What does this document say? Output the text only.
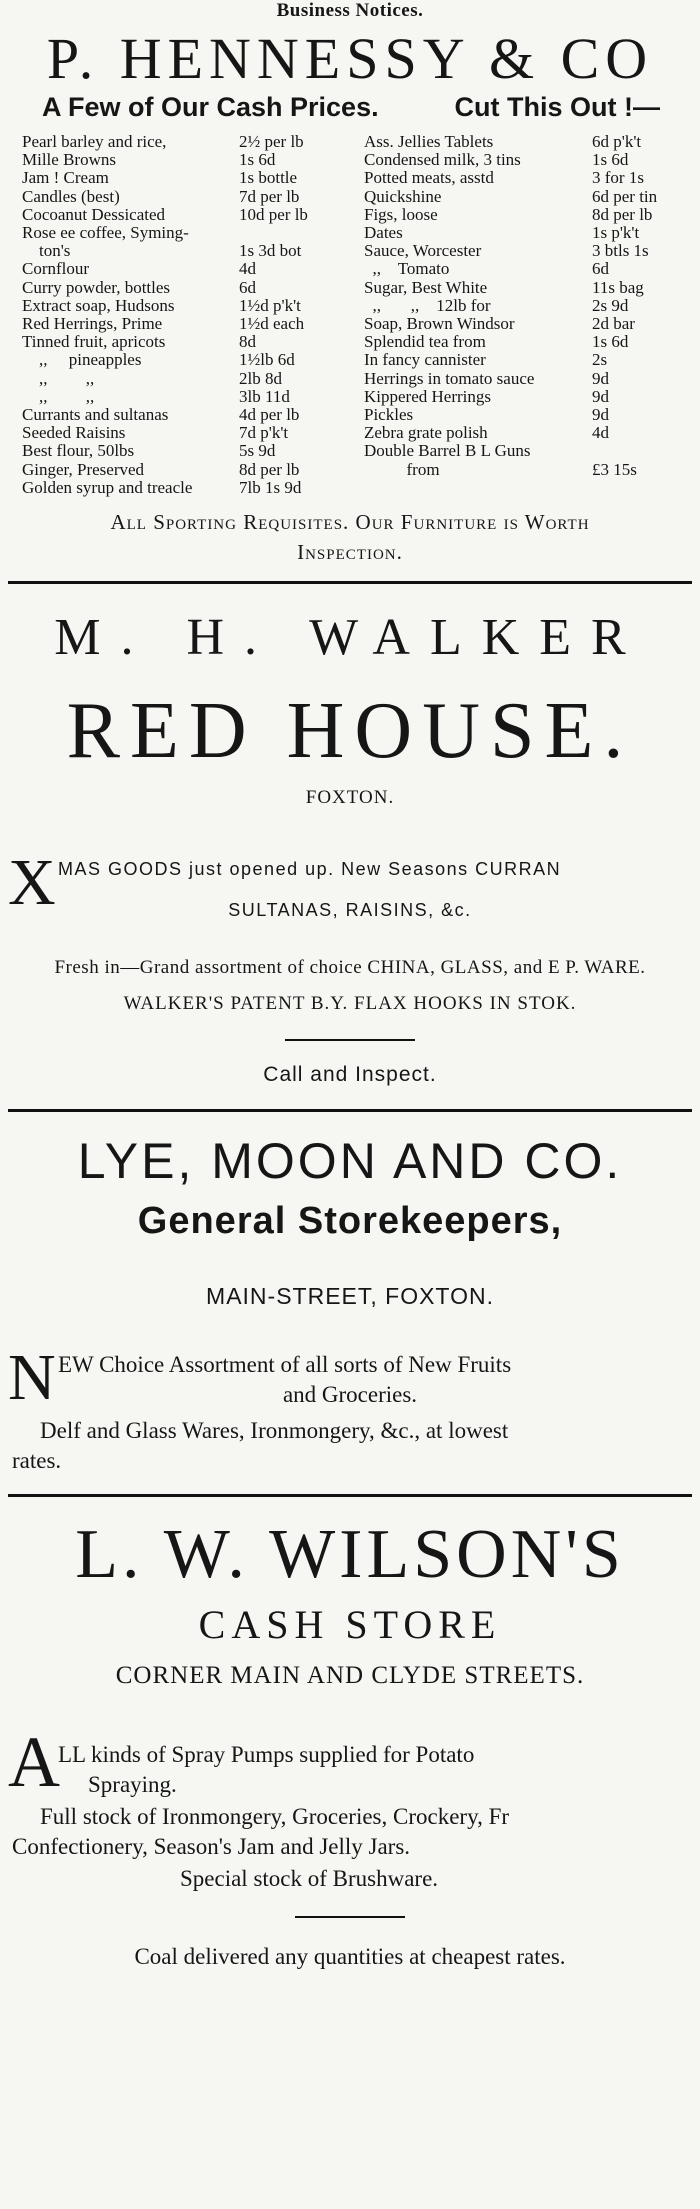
Business Notices.
P. HENNESSY & CO
A Few of Our Cash Prices.	Cut This Out !—
Pearl barley and rice,	2½ per lb
Mille Browns	1s 6d
Jam ! Cream	1s bottle
Candles (best)	7d per lb
Cocoanut Dessicated	10d per lb
Rose ee coffee, Syming-
ton's	1s 3d bot
Cornflour	4d
Curry powder, bottles	6d
Extract soap, Hudsons	1½d p'k't
Red Herrings, Prime	1½d each
Tinned fruit, apricots	8d
,,     pineapples	1½lb 6d
,,         ,,	2lb 8d
,,         ,,	3lb 11d
Currants and sultanas	4d per lb
Seeded Raisins	7d p'k't
Best flour, 50lbs	5s 9d
Ginger, Preserved	8d per lb
Golden syrup and treacle	7lb 1s 9d
Ass. Jellies Tablets	6d p'k't
Condensed milk, 3 tins	1s 6d
Potted meats, asstd	3 for 1s
Quickshine	6d per tin
Figs, loose	8d per lb
Dates	1s p'k't
Sauce, Worcester	3 btls 1s
,,    Tomato	6d
Sugar, Best White	11s bag
,,       ,,    12lb for	2s 9d
Soap, Brown Windsor	2d bar
Splendid tea from	1s 6d
In fancy cannister	2s
Herrings in tomato sauce	9d
Kippered Herrings	9d
Pickles	9d
Zebra grate polish	4d
Double Barrel B L Guns
from	£3 15s
All Sporting Requisites. Our Furniture is Worth
Inspection.
M. H. WALKER
RED HOUSE.
FOXTON.
X MAS GOODS just opened up. New Seasons CURRAN
SULTANAS, RAISINS, &c.
Fresh in—Grand assortment of choice CHINA, GLASS, and E P. WARE.
WALKER'S PATENT B.Y. FLAX HOOKS IN STOK.
Call and Inspect.
LYE, MOON AND CO.
General Storekeepers,
MAIN-STREET, FOXTON.
N EW Choice Assortment of all sorts of New Fruits
and Groceries.
Delf and Glass Wares, Ironmongery, &c., at lowest
rates.
L. W. WILSON'S
CASH STORE
CORNER MAIN AND CLYDE STREETS.
A
LL kinds of Spray Pumps supplied for Potato
Spraying.
Full stock of Ironmongery, Groceries, Crockery, Fr
Confectionery, Season's Jam and Jelly Jars.
Special stock of Brushware.
Coal delivered any quantities at cheapest rates.
